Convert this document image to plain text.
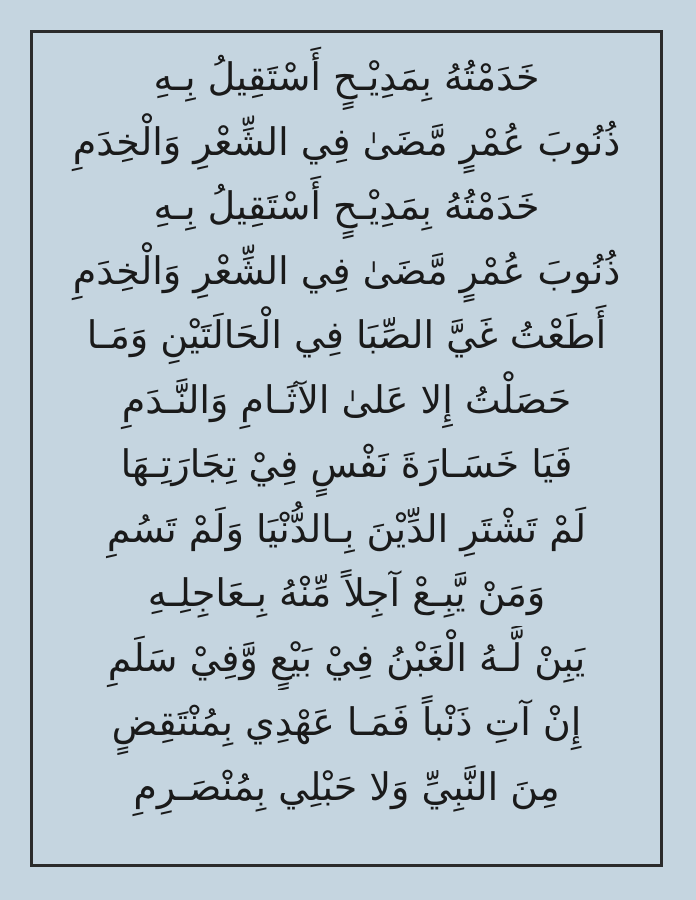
خَدَمْتُهُ بِمَدِيْـحٍ أَسْتَقِيلُ بِـهِ
ذُنُوبَ عُمْرٍ مَّضَىٰ فِي الشِّعْرِ وَالْخِدَمِ
خَدَمْتُهُ بِمَدِيْـحٍ أَسْتَقِيلُ بِـهِ
ذُنُوبَ عُمْرٍ مَّضَىٰ فِي الشِّعْرِ وَالْخِدَمِ
أَطَعْتُ غَيَّ الصِّبَا فِي الْحَالَتَيْنِ وَمَـا
حَصَلْتُ إِلا عَلىٰ الآثَـامِ وَالنَّـدَمِ
فَيَا خَسَـارَةَ نَفْسٍ فِيْ تِجَارَتِـهَا
لَمْ تَشْتَرِ الدِّيْنَ بِـالدُّنْيَا وَلَمْ تَسُمِ
وَمَنْ يَّبِـعْ آجِلاً مِّنْهُ بِـعَاجِلِـهِ
يَبِنْ لَّـهُ الْغَبْنُ فِيْ بَيْعٍ وَّفِيْ سَلَمِ
إِنْ آتِ ذَنْباً فَمَـا عَهْدِي بِمُنْتَقِضٍ
مِنَ النَّبِيِّ وَلا حَبْلِي بِمُنْصَـرِمِ
